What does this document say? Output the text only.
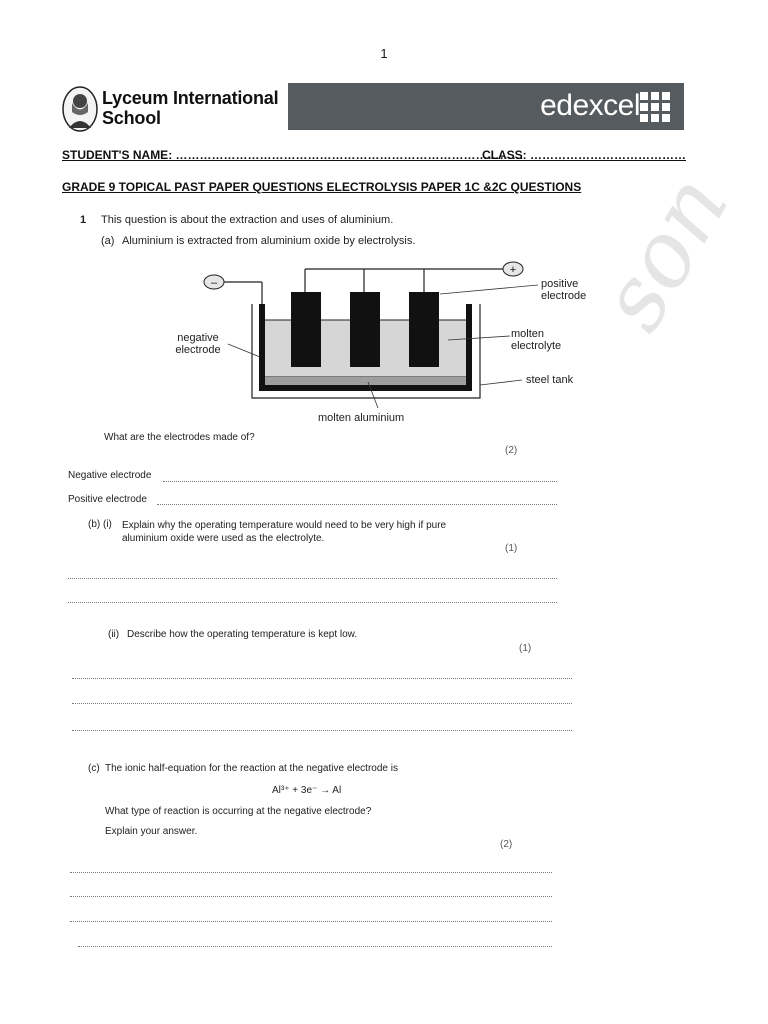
1
Lyceum International
School	edexcel
STUDENT'S NAME: ……………………………………………………………………………
CLASS: …………………………………
GRADE 9 TOPICAL PAST PAPER QUESTIONS ELECTROLYSIS PAPER 1C &2C QUESTIONS
son
1 This question is about the extraction and uses of aluminium.
(a) Aluminium is extracted from aluminium oxide by electrolysis.
–
+
positive
electrode
molten
electrolyte
steel tank
negative
electrode
molten aluminium
What are the electrodes made of?
(2)
Negative electrode
Positive electrode
(b) (i) Explain why the operating temperature would need to be very high if pure
aluminium oxide were used as the electrolyte.
(1)
(ii) Describe how the operating temperature is kept low.
(1)
(c) The ionic half-equation for the reaction at the negative electrode is
Al³⁺ + 3e⁻ → Al
What type of reaction is occurring at the negative electrode?
Explain your answer.
(2)
